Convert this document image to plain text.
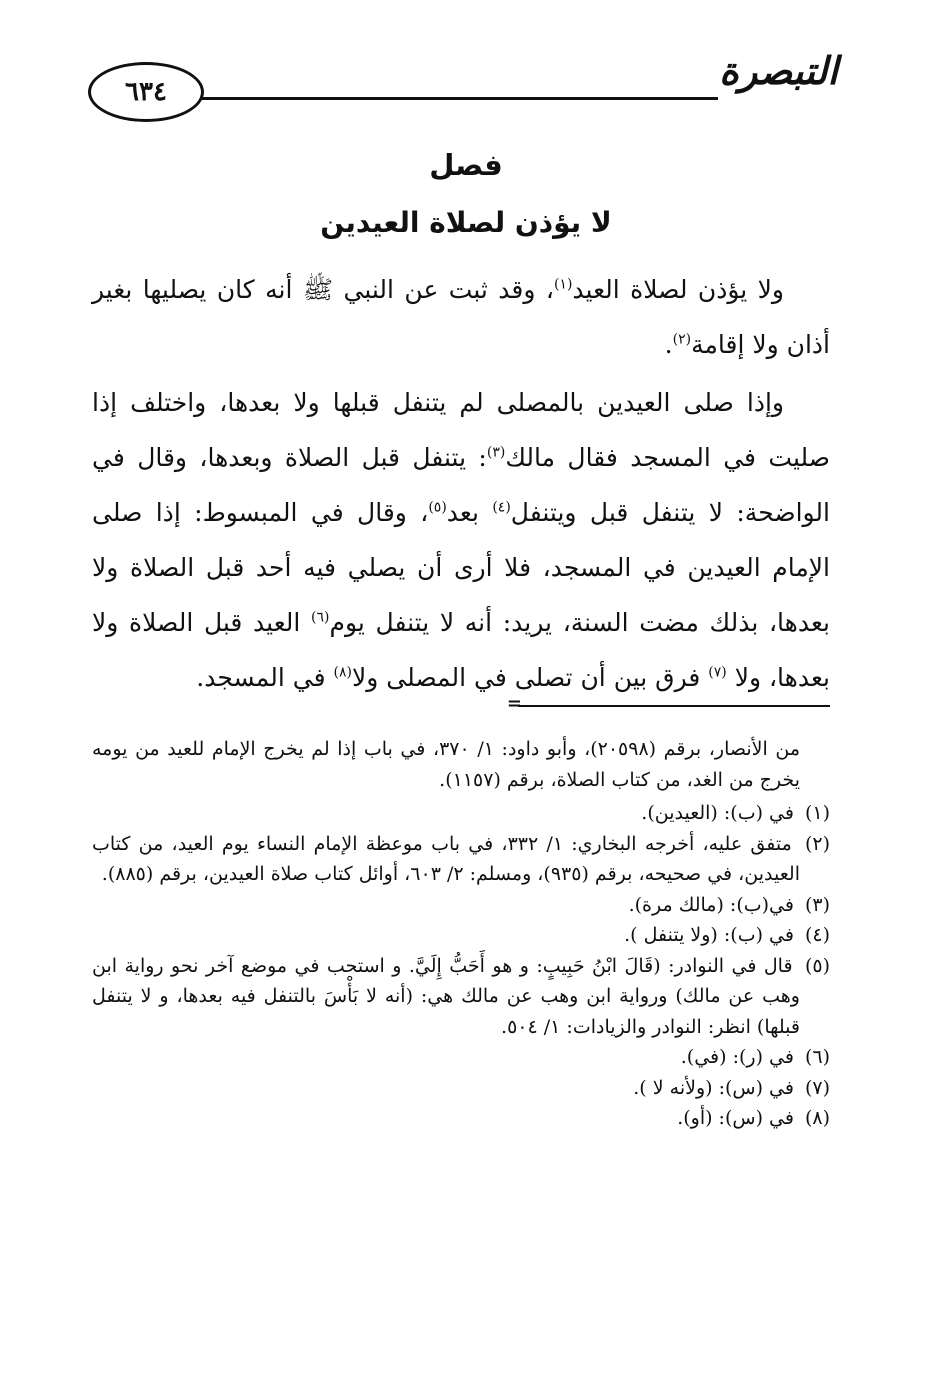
التبصرة
٦٣٤
فصل
لا يؤذن لصلاة العيدين

ولا يؤذن لصلاة العيد$^{(١)}$، وقد ثبت عن النبي ﷺ أنه كان يصليها بغير أذان ولا إقامة$^{(٢)}$.

وإذا صلى العيدين بالمصلى لم يتنفل قبلها ولا بعدها، واختلف إذا صليت في المسجد فقال مالك$^{(٣)}$: يتنفل قبل الصلاة وبعدها، وقال في الواضحة: لا يتنفل قبل ويتنفل$^{(٤)}$ بعد$^{(٥)}$، وقال في المبسوط: إذا صلى الإمام العيدين في المسجد، فلا أرى أن يصلي فيه أحد قبل الصلاة ولا بعدها، بذلك مضت السنة، يريد: أنه لا يتنفل يوم$^{(٦)}$ العيد قبل الصلاة ولا بعدها، ولا $^{(٧)}$ فرق بين أن تصلى في المصلى ولا$^{(٨)}$ في المسجد.

=

من الأنصار، برقم (٢٠٥٩٨)، وأبو داود: ١/ ٣٧٠، في باب إذا لم يخرج الإمام للعيد من يومه يخرج من الغد، من كتاب الصلاة، برقم (١١٥٧).

(١) في (ب): (العيدين).

(٢) متفق عليه، أخرجه البخاري: ١/ ٣٣٢، في باب موعظة الإمام النساء يوم العيد، من كتاب العيدين، في صحيحه، برقم (٩٣٥)، ومسلم: ٢/ ٦٠٣، أوائل كتاب صلاة العيدين، برقم (٨٨٥).

(٣) في(ب): (مالك مرة).

(٤) في (ب): (ولا يتنفل ).

(٥) قال في النوادر: (قَالَ ابْنُ حَبِيبٍ: و هو أَحَبُّ إِلَيَّ. و استحب في موضع آخر نحو رواية ابن وهب عن مالك) ورواية ابن وهب عن مالك هي: (أنه لا بَأْسَ بالتنفل فيه بعدها، و لا يتنفل قبلها) انظر: النوادر والزيادات: ١/ ٥٠٤.

(٦) في (ر): (في).

(٧) في (س): (ولأنه لا ).

(٨) في (س): (أو).
